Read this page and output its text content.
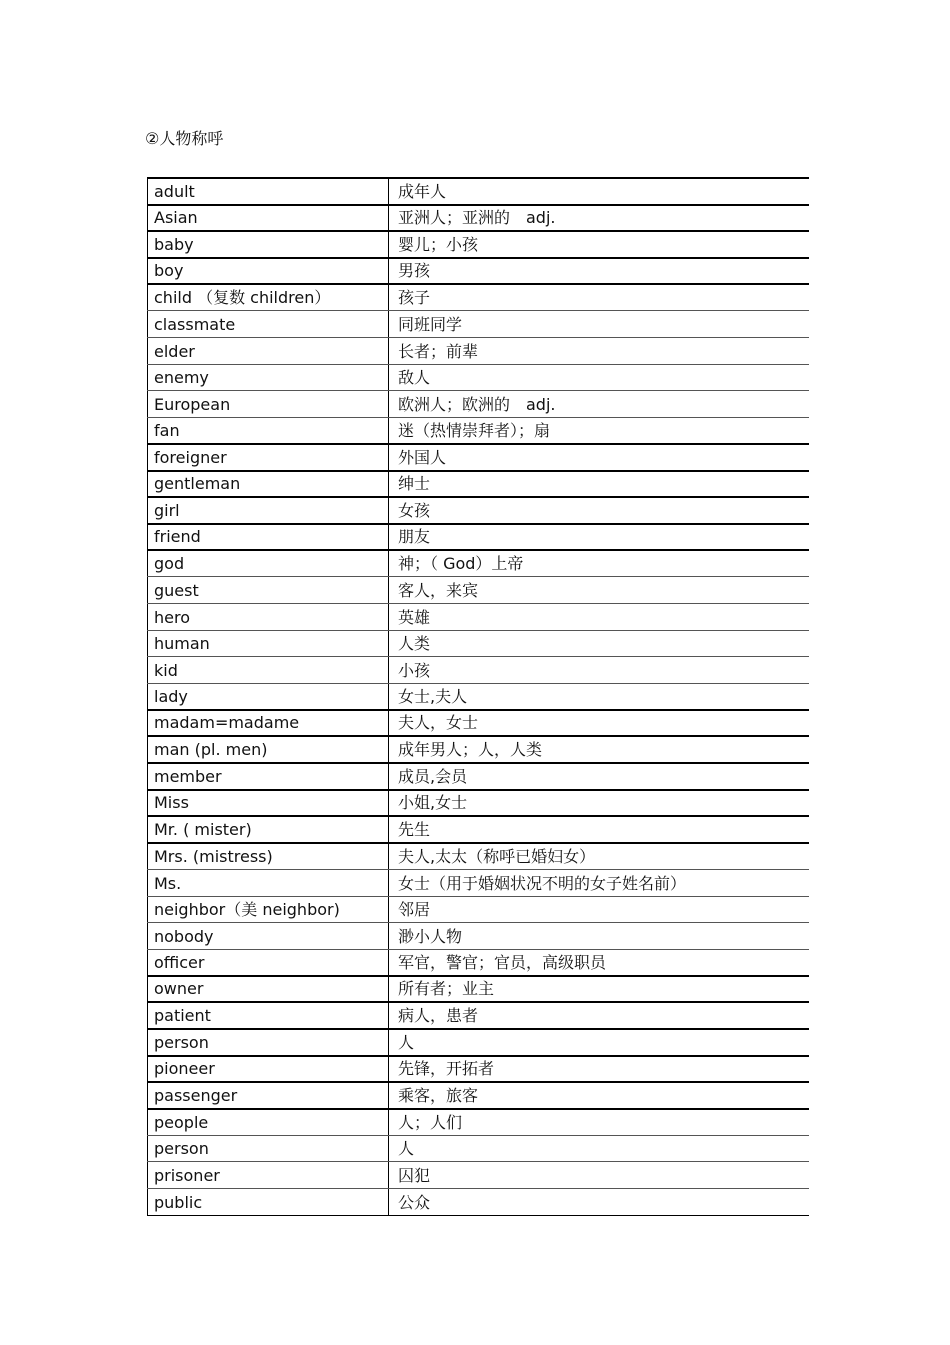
②人物称呼
adult	成年人
Asian	亚洲人；亚洲的　adj.
baby	婴儿；小孩
boy	男孩
child （复数 children）	孩子
classmate	同班同学
elder	长者；前辈
enemy	敌人
European	欧洲人；欧洲的　adj.
fan	迷（热情崇拜者）；扇
foreigner	外国人
gentleman	绅士
girl	女孩
friend	朋友
god	神；（ God）上帝
guest	客人，来宾
hero	英雄
human	人类
kid	小孩
lady	女士,夫人
madam=madame	夫人，女士
man (pl. men)	成年男人；人，人类
member	成员,会员
Miss	小姐,女士
Mr. ( mister)	先生
Mrs. (mistress)	夫人,太太（称呼已婚妇女）
Ms.	女士（用于婚姻状况不明的女子姓名前）
neighbor（美 neighbor)	邻居
nobody	渺小人物
officer	军官，警官；官员，高级职员
owner	所有者；业主
patient	病人，患者
person	人
pioneer	先锋，开拓者
passenger	乘客，旅客
people	人；人们
person	人
prisoner	囚犯
public	公众
